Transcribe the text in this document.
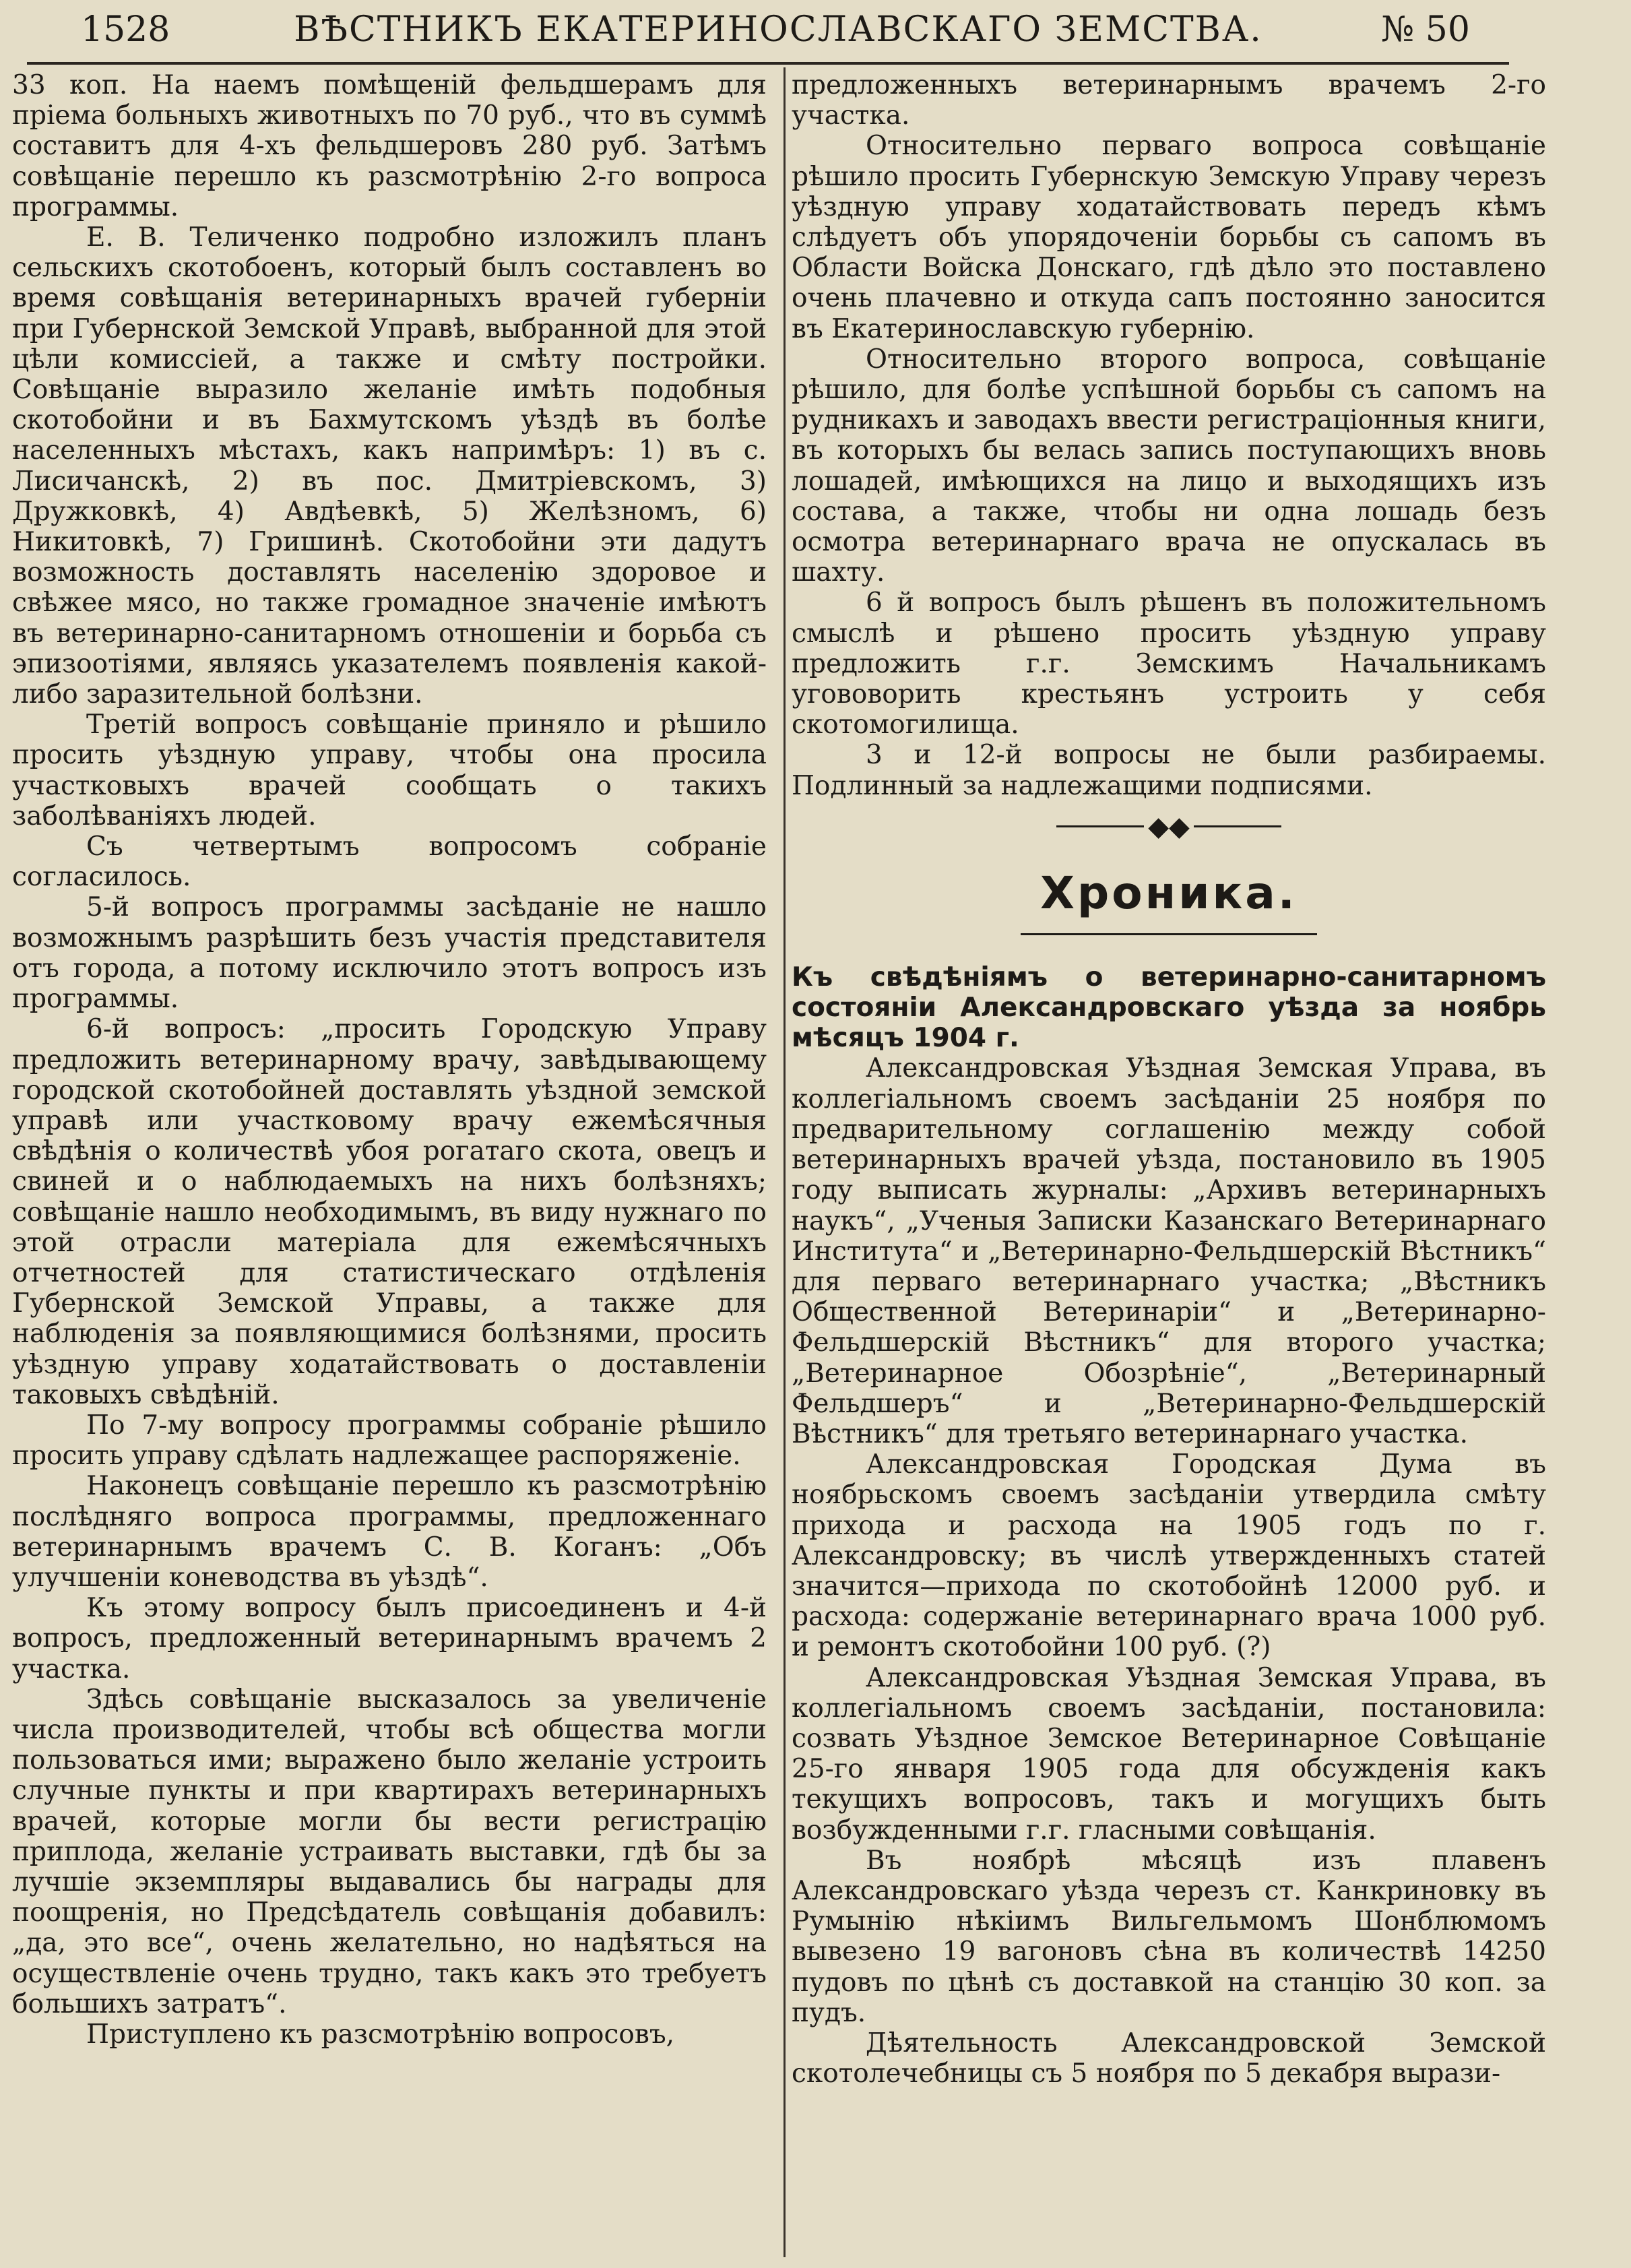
1528	ВѢСТНИКЪ ЕКАТЕРИНОСЛАВСКАГО ЗЕМСТВА.	№ 50

33 коп. На наемъ помѣщеній фельдшерамъ для пріема больныхъ животныхъ по 70 руб., что въ суммѣ составитъ для 4-хъ фельдшеровъ 280 руб. Затѣмъ совѣщаніе перешло къ разсмотрѣнію 2-го вопроса программы.

Е. В. Теличенко подробно изложилъ планъ сельскихъ скотобоенъ, который былъ составленъ во время совѣщанія ветеринарныхъ врачей губерніи при Губернской Земской Управѣ, выбранной для этой цѣли комиссіей, а также и смѣту постройки. Совѣщаніе выразило желаніе имѣть подобныя скотобойни и въ Бахмутскомъ уѣздѣ въ болѣе населенныхъ мѣстахъ, какъ напримѣръ: 1) въ с. Лисичанскѣ, 2) въ пос. Дмитріевскомъ, 3) Дружковкѣ, 4) Авдѣевкѣ, 5) Желѣзномъ, 6) Никитовкѣ, 7) Гришинѣ. Скотобойни эти дадутъ возможность доставлять населенію здоровое и свѣжее мясо, но также громадное значеніе имѣютъ въ ветеринарно-санитарномъ отношеніи и борьба съ эпизоотіями, являясь указателемъ появленія какой-либо заразительной болѣзни.

Третій вопросъ совѣщаніе приняло и рѣшило просить уѣздную управу, чтобы она просила участковыхъ врачей сообщать о такихъ заболѣваніяхъ людей.

Съ четвертымъ вопросомъ собраніе согласилось.

5-й вопросъ программы засѣданіе не нашло возможнымъ разрѣшить безъ участія представителя отъ города, а потому исключило этотъ вопросъ изъ программы.

6-й вопросъ: „просить Городскую Управу предложить ветеринарному врачу, завѣдывающему городской скотобойней доставлять уѣздной земской управѣ или участковому врачу ежемѣсячныя свѣдѣнія о количествѣ убоя рогатаго скота, овецъ и свиней и о наблюдаемыхъ на нихъ болѣзняхъ; совѣщаніе нашло необходимымъ, въ виду нужнаго по этой отрасли матеріала для ежемѣсячныхъ отчетностей для статистическаго отдѣленія Губернской Земской Управы, а также для наблюденія за появляющимися болѣзнями, просить уѣздную управу ходатайствовать о доставленіи таковыхъ свѣдѣній.

По 7-му вопросу программы собраніе рѣшило просить управу сдѣлать надлежащее распоряженіе.

Наконецъ совѣщаніе перешло къ разсмотрѣнію послѣдняго вопроса программы, предложеннаго ветеринарнымъ врачемъ С. В. Коганъ: „Объ улучшеніи коневодства въ уѣздѣ“.

Къ этому вопросу былъ присоединенъ и 4-й вопросъ, предложенный ветеринарнымъ врачемъ 2 участка.

Здѣсь совѣщаніе высказалось за увеличеніе числа производителей, чтобы всѣ общества могли пользоваться ими; выражено было желаніе устроить случные пункты и при квартирахъ ветеринарныхъ врачей, которые могли бы вести регистрацію приплода, желаніе устраивать выставки, гдѣ бы за лучшіе экземпляры выдавались бы награды для поощренія, но Предсѣдатель совѣщанія добавилъ: „да, это все“, очень желательно, но надѣяться на осуществленіе очень трудно, такъ какъ это требуетъ большихъ затратъ“.

Приступлено къ разсмотрѣнію вопросовъ,

предложенныхъ ветеринарнымъ врачемъ 2-го участка.

Относительно перваго вопроса совѣщаніе рѣшило просить Губернскую Земскую Управу черезъ уѣздную управу ходатайствовать передъ кѣмъ слѣдуетъ объ упорядоченіи борьбы съ сапомъ въ Области Войска Донскаго, гдѣ дѣло это поставлено очень плачевно и откуда сапъ постоянно заносится въ Екатеринославскую губернію.

Относительно второго вопроса, совѣщаніе рѣшило, для болѣе успѣшной борьбы съ сапомъ на рудникахъ и заводахъ ввести регистраціонныя книги, въ которыхъ бы велась запись поступающихъ вновь лошадей, имѣющихся на лицо и выходящихъ изъ состава, а также, чтобы ни одна лошадь безъ осмотра ветеринарнаго врача не опускалась въ шахту.

6 й вопросъ былъ рѣшенъ въ положительномъ смыслѣ и рѣшено просить уѣздную управу предложить г.г. Земскимъ Начальникамъ угововорить крестьянъ устроить у себя скотомогилища.

3 и 12-й вопросы не были разбираемы. Подлинный за надлежащими подписями.

◆◆
Хроника.

Къ свѣдѣніямъ о ветеринарно-санитарномъ состояніи Александровскаго уѣзда за ноябрь мѣсяцъ 1904 г.

Александровская Уѣздная Земская Управа, въ коллегіальномъ своемъ засѣданіи 25 ноября по предварительному соглашенію между собой ветеринарныхъ врачей уѣзда, постановило въ 1905 году выписать журналы: „Архивъ ветеринарныхъ наукъ“, „Ученыя Записки Казанскаго Ветеринарнаго Института“ и „Ветеринарно-Фельдшерскій Вѣстникъ“ для перваго ветеринарнаго участка; „Вѣстникъ Общественной Ветеринаріи“ и „Ветеринарно-Фельдшерскій Вѣстникъ“ для второго участка; „Ветеринарное Обозрѣніе“, „Ветеринарный Фельдшеръ“ и „Ветеринарно-Фельдшерскій Вѣстникъ“ для третьяго ветеринарнаго участка.

Александровская Городская Дума въ ноябрьскомъ своемъ засѣданіи утвердила смѣту прихода и расхода на 1905 годъ по г. Александровску; въ числѣ утвержденныхъ статей значится—прихода по скотобойнѣ 12000 руб. и расхода: содержаніе ветеринарнаго врача 1000 руб. и ремонтъ скотобойни 100 руб. (?)

Александровская Уѣздная Земская Управа, въ коллегіальномъ своемъ засѣданіи, постановила: созвать Уѣздное Земское Ветеринарное Совѣщаніе 25-го января 1905 года для обсужденія какъ текущихъ вопросовъ, такъ и могущихъ быть возбужденными г.г. гласными совѣщанія.

Въ ноябрѣ мѣсяцѣ изъ плавенъ Александровскаго уѣзда черезъ ст. Канкриновку въ Румынію нѣкіимъ Вильгельмомъ Шонблюмомъ вывезено 19 вагоновъ сѣна въ количествѣ 14250 пудовъ по цѣнѣ съ доставкой на станцію 30 коп. за пудъ.

Дѣятельность Александровской Земской скотолечебницы съ 5 ноября по 5 декабря вырази-
